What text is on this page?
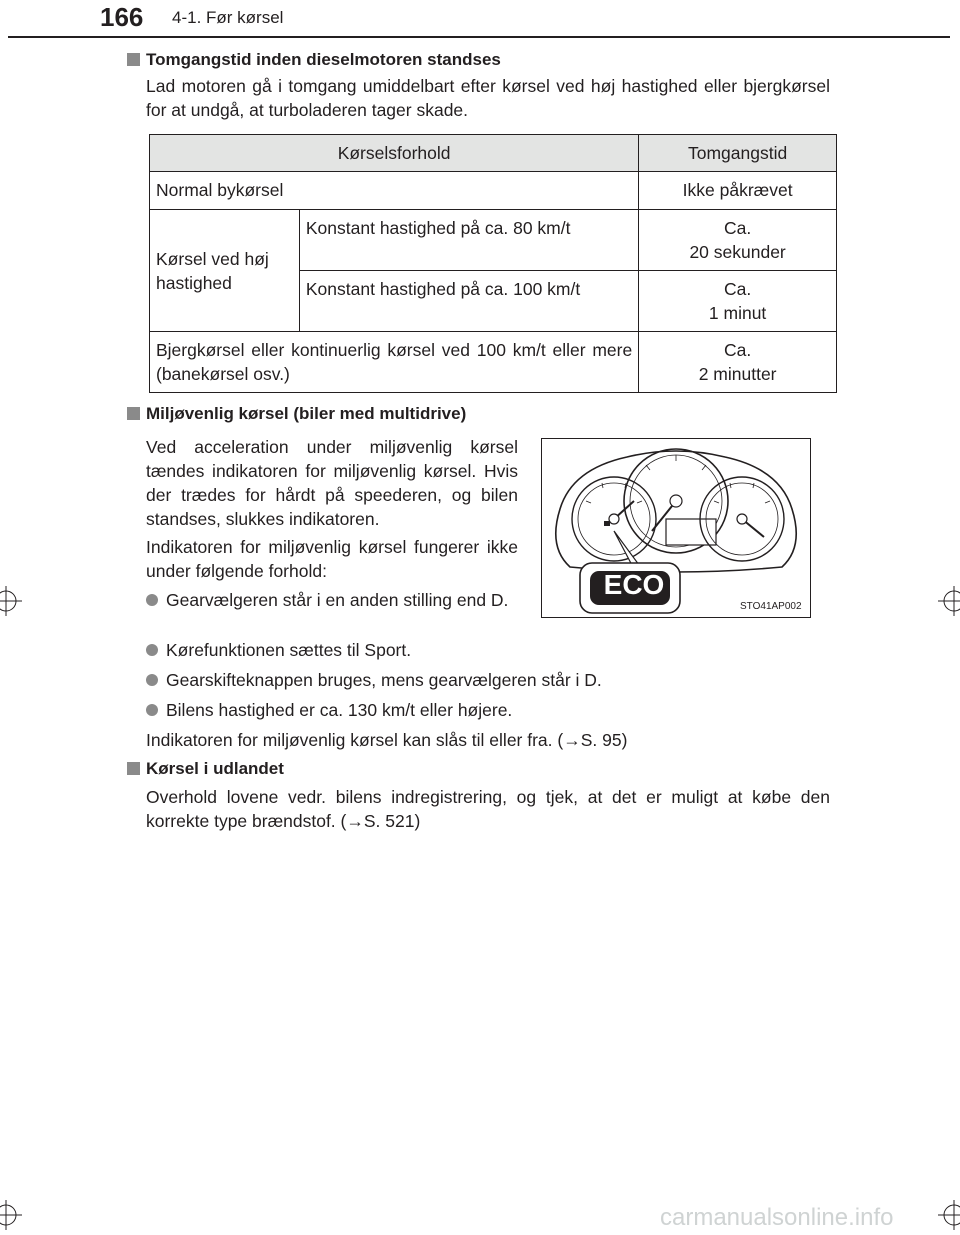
166 4-1. Før kørsel
Tomgangstid inden dieselmotoren standses
Lad motoren gå i tomgang umiddelbart efter kørsel ved høj hastighed eller bjergkørsel for at undgå, at turboladeren tager skade.
Kørselsforhold		Tomgangstid
Normal bykørsel		Ikke påkrævet
Kørsel ved høj hastighed	Konstant hastighed på ca. 80 km/t	Ca.
20 sekunder
	Konstant hastighed på ca. 100 km/t	Ca.
1 minut
Bjergkørsel eller kontinuerlig kørsel ved 100 km/t eller mere (banekørsel osv.)		Ca.
2 minutter
Miljøvenlig kørsel (biler med multidrive)
Ved acceleration under miljøvenlig kørsel tændes indikatoren for miljøvenlig kørsel. Hvis der trædes for hårdt på speederen, og bilen standses, slukkes indikatoren.
Indikatoren for miljøvenlig kørsel fungerer ikke under følgende forhold:
Gearvælgeren står i en anden stilling end D.
Kørefunktionen sættes til Sport.
Gearskifteknappen bruges, mens gearvælgeren står i D.
Bilens hastighed er ca. 130 km/t eller højere.
Indikatoren for miljøvenlig kørsel kan slås til eller fra. (→S. 95)
ECO
STO41AP002
Kørsel i udlandet
Overhold lovene vedr. bilens indregistrering, og tjek, at det er muligt at købe den korrekte type brændstof. (→S. 521)
carmanualsonline.info
